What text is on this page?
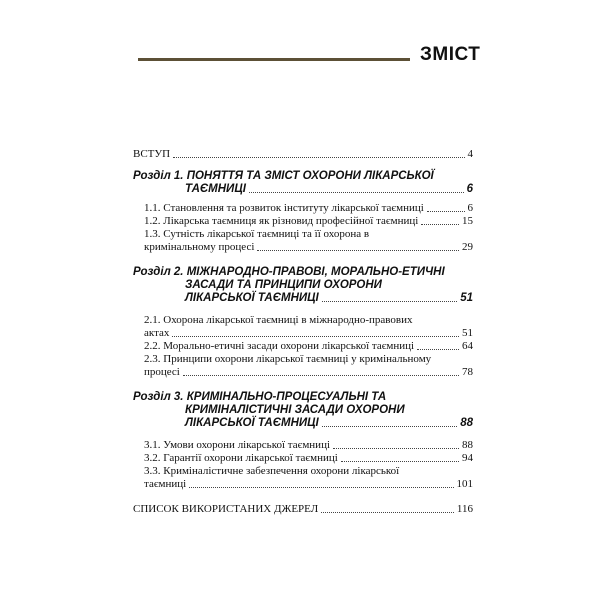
ЗМІСТ
ВСТУП	4
Розділ 1. ПОНЯТТЯ ТА ЗМІСТ ОХОРОНИ ЛІКАРСЬКОЇ
ТАЄМНИЦІ	6
1.1. Становлення та розвиток інституту лікарської таємниці	6
1.2. Лікарська таємниця як різновид професійної таємниці	15
1.3. Сутність лікарської таємниці та її охорона в
кримінальному процесі	29
Розділ 2. МІЖНАРОДНО-ПРАВОВІ, МОРАЛЬНО-ЕТИЧНІ
ЗАСАДИ ТА ПРИНЦИПИ ОХОРОНИ
ЛІКАРСЬКОЇ ТАЄМНИЦІ	51
2.1. Охорона лікарської таємниці в міжнародно-правових
актах	51
2.2. Морально-етичні засади охорони лікарської таємниці	64
2.3. Принципи охорони лікарської таємниці у кримінальному
процесі	78
Розділ 3. КРИМІНАЛЬНО-ПРОЦЕСУАЛЬНІ ТА
КРИМІНАЛІСТИЧНІ ЗАСАДИ ОХОРОНИ
ЛІКАРСЬКОЇ ТАЄМНИЦІ	88
3.1. Умови охорони лікарської таємниці	88
3.2. Гарантії охорони лікарської таємниці	94
3.3. Криміналістичне забезпечення охорони лікарської
таємниці	101
СПИСОК ВИКОРИСТАНИХ ДЖЕРЕЛ	116
